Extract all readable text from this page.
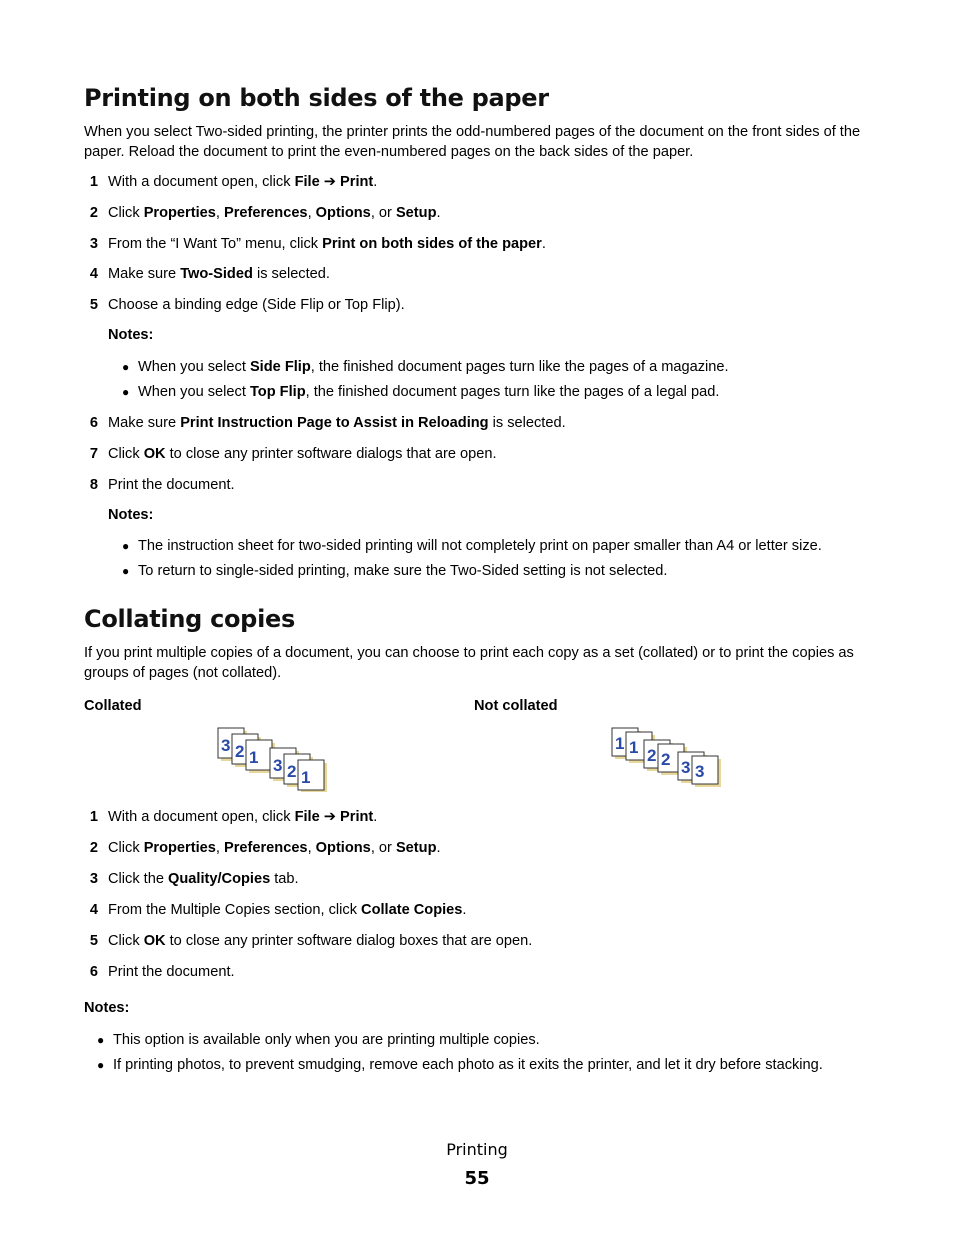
Printing on both sides of the paper

When you select Two-sided printing, the printer prints the odd-numbered pages of the document on the front sides of the paper. Reload the document to print the even-numbered pages on the back sides of the paper.

1 With a document open, click File ➔ Print.
2 Click Properties, Preferences, Options, or Setup.
3 From the “I Want To” menu, click Print on both sides of the paper.
4 Make sure Two-Sided is selected.
5 Choose a binding edge (Side Flip or Top Flip).
Notes:
● When you select Side Flip, the finished document pages turn like the pages of a magazine.
● When you select Top Flip, the finished document pages turn like the pages of a legal pad.
6 Make sure Print Instruction Page to Assist in Reloading is selected.
7 Click OK to close any printer software dialogs that are open.
8 Print the document.
Notes:
● The instruction sheet for two-sided printing will not completely print on paper smaller than A4 or letter size.
● To return to single-sided printing, make sure the Two-Sided setting is not selected.
Collating copies

If you print multiple copies of a document, you can choose to print each copy as a set (collated) or to print the copies as groups of pages (not collated).

Collated	Not collated
3 2 1 3 2 1
1 1 2 2 3 3
1 With a document open, click File ➔ Print.
2 Click Properties, Preferences, Options, or Setup.
3 Click the Quality/Copies tab.
4 From the Multiple Copies section, click Collate Copies.
5 Click OK to close any printer software dialog boxes that are open.
6 Print the document.
Notes:
● This option is available only when you are printing multiple copies.
● If printing photos, to prevent smudging, remove each photo as it exits the printer, and let it dry before stacking.
Printing
55
